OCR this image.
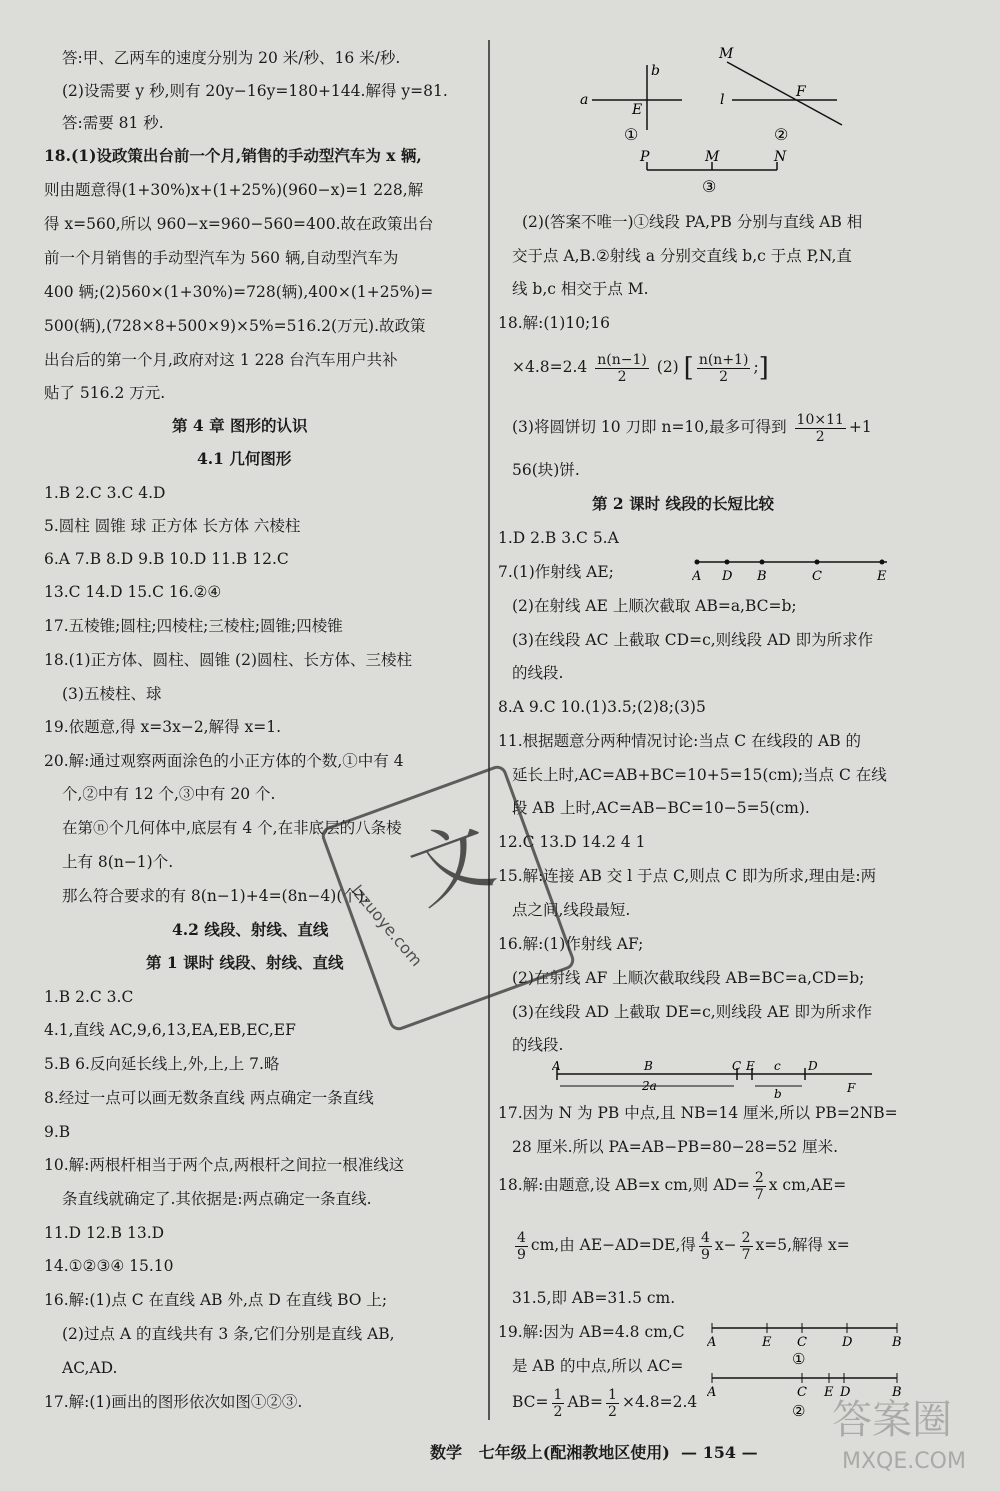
答:甲、乙两车的速度分别为 20 米/秒、16 米/秒.
(2)设需要 y 秒,则有 20y−16y=180+144.解得 y=81.
答:需要 81 秒.
18.(1)设政策出台前一个月,销售的手动型汽车为 x 辆,
则由题意得(1+30%)x+(1+25%)(960−x)=1 228,解
得 x=560,所以 960−x=960−560=400.故在政策出台
前一个月销售的手动型汽车为 560 辆,自动型汽车为
400 辆;(2)560×(1+30%)=728(辆),400×(1+25%)=
500(辆),(728×8+500×9)×5%=516.2(万元).故政策
出台后的第一个月,政府对这 1 228 台汽车用户共补
贴了 516.2 万元.
第 4 章 图形的认识
4.1 几何图形
1.B 2.C 3.C 4.D
5.圆柱 圆锥 球 正方体 长方体 六棱柱
6.A 7.B 8.D 9.B 10.D 11.B 12.C
13.C 14.D 15.C 16.②④
17.五棱锥;圆柱;四棱柱;三棱柱;圆锥;四棱锥
18.(1)正方体、圆柱、圆锥 (2)圆柱、长方体、三棱柱
(3)五棱柱、球
19.依题意,得 x=3x−2,解得 x=1.
20.解:通过观察两面涂色的小正方体的个数,①中有 4
个,②中有 12 个,③中有 20 个.
在第ⓝ个几何体中,底层有 4 个,在非底层的八条棱
上有 8(n−1)个.
那么符合要求的有 8(n−1)+4=(8n−4)(个).
4.2 线段、射线、直线
第 1 课时 线段、射线、直线
1.B 2.C 3.C
4.1,直线 AC,9,6,13,EA,EB,EC,EF
5.B 6.反向延长线上,外,上,上 7.略
8.经过一点可以画无数条直线 两点确定一条直线
9.B
10.解:两根杆相当于两个点,两根杆之间拉一根准线这
条直线就确定了.其依据是:两点确定一条直线.
11.D 12.B 13.D
14.①②③④ 15.10
16.解:(1)点 C 在直线 AB 外,点 D 在直线 BO 上;
(2)过点 A 的直线共有 3 条,它们分别是直线 AB,
AC,AD.
17.解:(1)画出的图形依次如图①②③.
a
b
E
①
M
l	F
②
P	M	N
③
(2)(答案不唯一)①线段 PA,PB 分别与直线 AB 相
交于点 A,B.②射线 a 分别交直线 b,c 于点 P,N,直
线 b,c 相交于点 M.
18.解:(1)10;16
$\times 4.8=2.4 \frac{n(n-1)}{2} (2)$ [ $\frac{n(n+1)}{2}$ ;]
(3)将圆饼切 10 刀即 n=10,最多可得到 $\frac{10\times 11}{2} +1$
56(块)饼.
第 2 课时 线段的长短比较
1.D 2.B 3.C 5.A
7.(1)作射线 AE;	A D B	C	E
(2)在射线 AE 上顺次截取 AB=a,BC=b;
(3)在线段 AC 上截取 CD=c,则线段 AD 即为所求作
的线段.
8.A 9.C 10.(1)3.5;(2)8;(3)5
11.根据题意分两种情况讨论:当点 C 在线段的 AB 的
延长上时,AC=AB+BC=10+5=15(cm);当点 C 在线
段 AB 上时,AC=AB−BC=10−5=5(cm).
12.C 13.D 14.2 4 1
15.解:连接 AB 交 l 于点 C,则点 C 即为所求,理由是:两
点之间,线段最短.
16.解:(1)作射线 AF;
(2)在射线 AF 上顺次截取线段 AB=BC=a,CD=b;
(3)在线段 AD 上截取 DE=c,则线段 AE 即为所求作
的线段.
A	B	C E c D
F
2a
b
17.因为 N 为 PB 中点,且 NB=14 厘米,所以 PB=2NB=
28 厘米.所以 PA=AB−PB=80−28=52 厘米.
18.解:由题意,设 AB=x cm,则 $AD= \frac{2}{7}$ x cm,AE=
$\frac{4}{9}$ cm,由 AE−AD=DE,得 $\frac{4}{9} x- \frac{2}{7} x=5$,解得 x=
31.5,即 AB=31.5 cm.
19.解:因为 AB=4.8 cm,C
是 AB 的中点,所以 AC=
$BC= \frac{1}{2} AB= \frac{1}{2} \times 4.8=2.4$
A	E C	D	B
①
A	C E D	B
②
文
lzzuoye.com
数学 七年级上(配湘教地区使用) — 154 —
答案圈
MXQE.COM
